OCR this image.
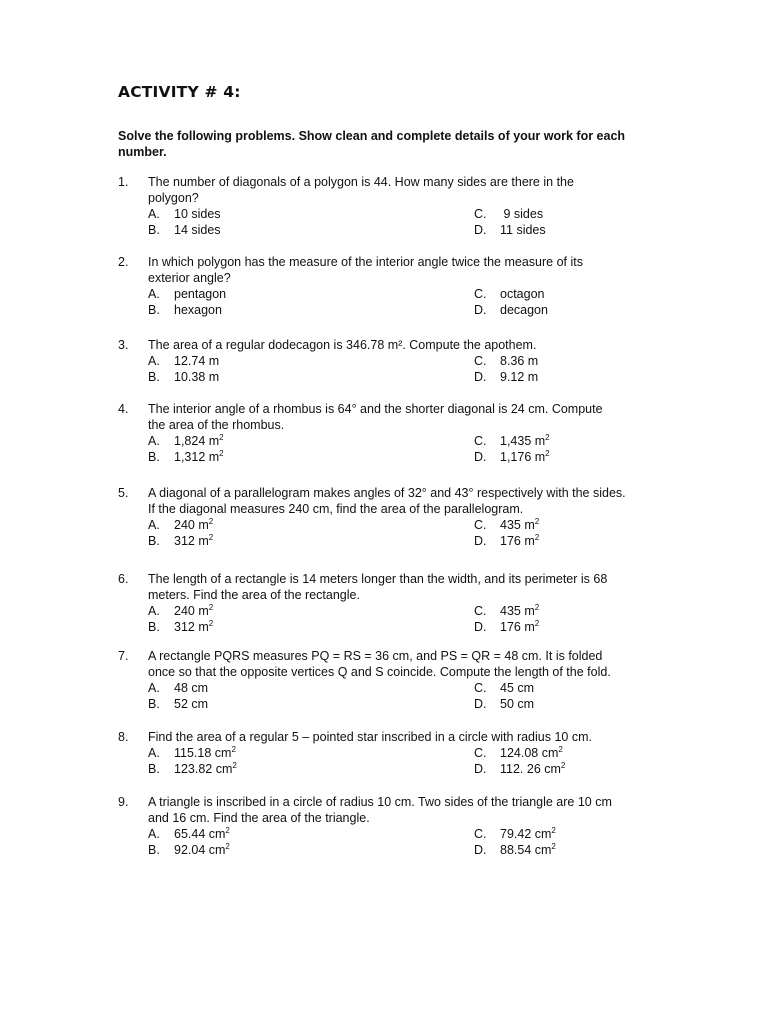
ACTIVITY # 4:
Solve the following problems. Show clean and complete details of your work for each number.
1. The number of diagonals of a polygon is 44. How many sides are there in the
polygon?
A. 10 sides
B. 14 sides
C. 9 sides
D. 11 sides
2. In which polygon has the measure of the interior angle twice the measure of its
exterior angle?
A. pentagon
B. hexagon
C. octagon
D. decagon
3. The area of a regular dodecagon is 346.78 m². Compute the apothem.
A. 12.74 m
B. 10.38 m
C. 8.36 m
D. 9.12 m
4. The interior angle of a rhombus is 64° and the shorter diagonal is 24 cm. Compute
the area of the rhombus.
A. 1,824 $m^2$
B. 1,312 $m^2$
C. 1,435 $m^2$
D. 1,176 $m^2$
5. A diagonal of a parallelogram makes angles of 32° and 43° respectively with the sides.
If the diagonal measures 240 cm, find the area of the parallelogram.
A. 240 $m^2$
B. 312 $m^2$
C. 435 $m^2$
D. 176 $m^2$
6. The length of a rectangle is 14 meters longer than the width, and its perimeter is 68
meters. Find the area of the rectangle.
A. 240 $m^2$
B. 312 $m^2$
C. 435 $m^2$
D. 176 $m^2$
7. A rectangle PQRS measures PQ = RS = 36 cm, and PS = QR = 48 cm. It is folded
once so that the opposite vertices Q and S coincide. Compute the length of the fold.
A. 48 cm
B. 52 cm
C. 45 cm
D. 50 cm
8. Find the area of a regular 5 – pointed star inscribed in a circle with radius 10 cm.
A. 115.18 $cm^2$
B. 123.82 $cm^2$
C. 124.08 $cm^2$
D. 112. 26 $cm^2$
9. A triangle is inscribed in a circle of radius 10 cm. Two sides of the triangle are 10 cm
and 16 cm. Find the area of the triangle.
A. 65.44 $cm^2$
B. 92.04 $cm^2$
C. 79.42 $cm^2$
D. 88.54 $cm^2$
